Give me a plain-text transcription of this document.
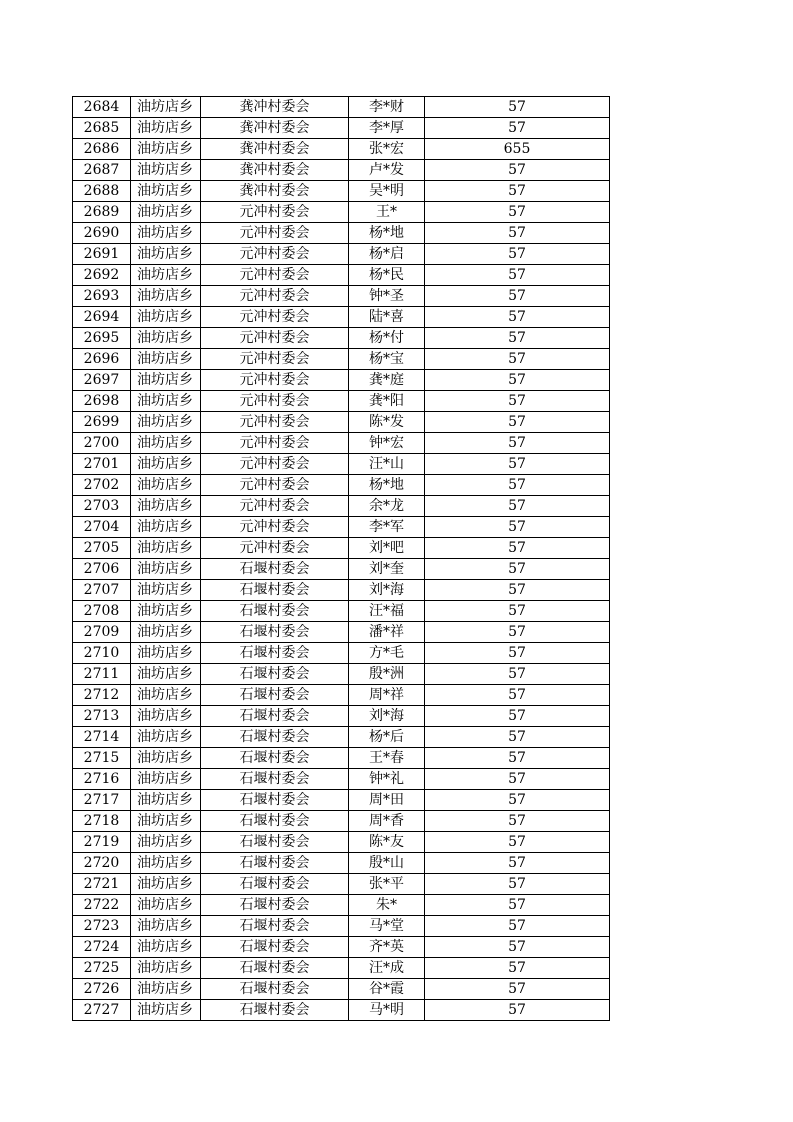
2684	油坊店乡	龚冲村委会	李*财	57
2685	油坊店乡	龚冲村委会	李*厚	57
2686	油坊店乡	龚冲村委会	张*宏	655
2687	油坊店乡	龚冲村委会	卢*发	57
2688	油坊店乡	龚冲村委会	吴*明	57
2689	油坊店乡	元冲村委会	王*	57
2690	油坊店乡	元冲村委会	杨*地	57
2691	油坊店乡	元冲村委会	杨*启	57
2692	油坊店乡	元冲村委会	杨*民	57
2693	油坊店乡	元冲村委会	钟*圣	57
2694	油坊店乡	元冲村委会	陆*喜	57
2695	油坊店乡	元冲村委会	杨*付	57
2696	油坊店乡	元冲村委会	杨*宝	57
2697	油坊店乡	元冲村委会	龚*庭	57
2698	油坊店乡	元冲村委会	龚*阳	57
2699	油坊店乡	元冲村委会	陈*发	57
2700	油坊店乡	元冲村委会	钟*宏	57
2701	油坊店乡	元冲村委会	汪*山	57
2702	油坊店乡	元冲村委会	杨*地	57
2703	油坊店乡	元冲村委会	余*龙	57
2704	油坊店乡	元冲村委会	李*军	57
2705	油坊店乡	元冲村委会	刘*吧	57
2706	油坊店乡	石堰村委会	刘*奎	57
2707	油坊店乡	石堰村委会	刘*海	57
2708	油坊店乡	石堰村委会	汪*福	57
2709	油坊店乡	石堰村委会	潘*祥	57
2710	油坊店乡	石堰村委会	方*毛	57
2711	油坊店乡	石堰村委会	殷*洲	57
2712	油坊店乡	石堰村委会	周*祥	57
2713	油坊店乡	石堰村委会	刘*海	57
2714	油坊店乡	石堰村委会	杨*后	57
2715	油坊店乡	石堰村委会	王*春	57
2716	油坊店乡	石堰村委会	钟*礼	57
2717	油坊店乡	石堰村委会	周*田	57
2718	油坊店乡	石堰村委会	周*香	57
2719	油坊店乡	石堰村委会	陈*友	57
2720	油坊店乡	石堰村委会	殷*山	57
2721	油坊店乡	石堰村委会	张*平	57
2722	油坊店乡	石堰村委会	朱*	57
2723	油坊店乡	石堰村委会	马*堂	57
2724	油坊店乡	石堰村委会	齐*英	57
2725	油坊店乡	石堰村委会	汪*成	57
2726	油坊店乡	石堰村委会	谷*霞	57
2727	油坊店乡	石堰村委会	马*明	57
